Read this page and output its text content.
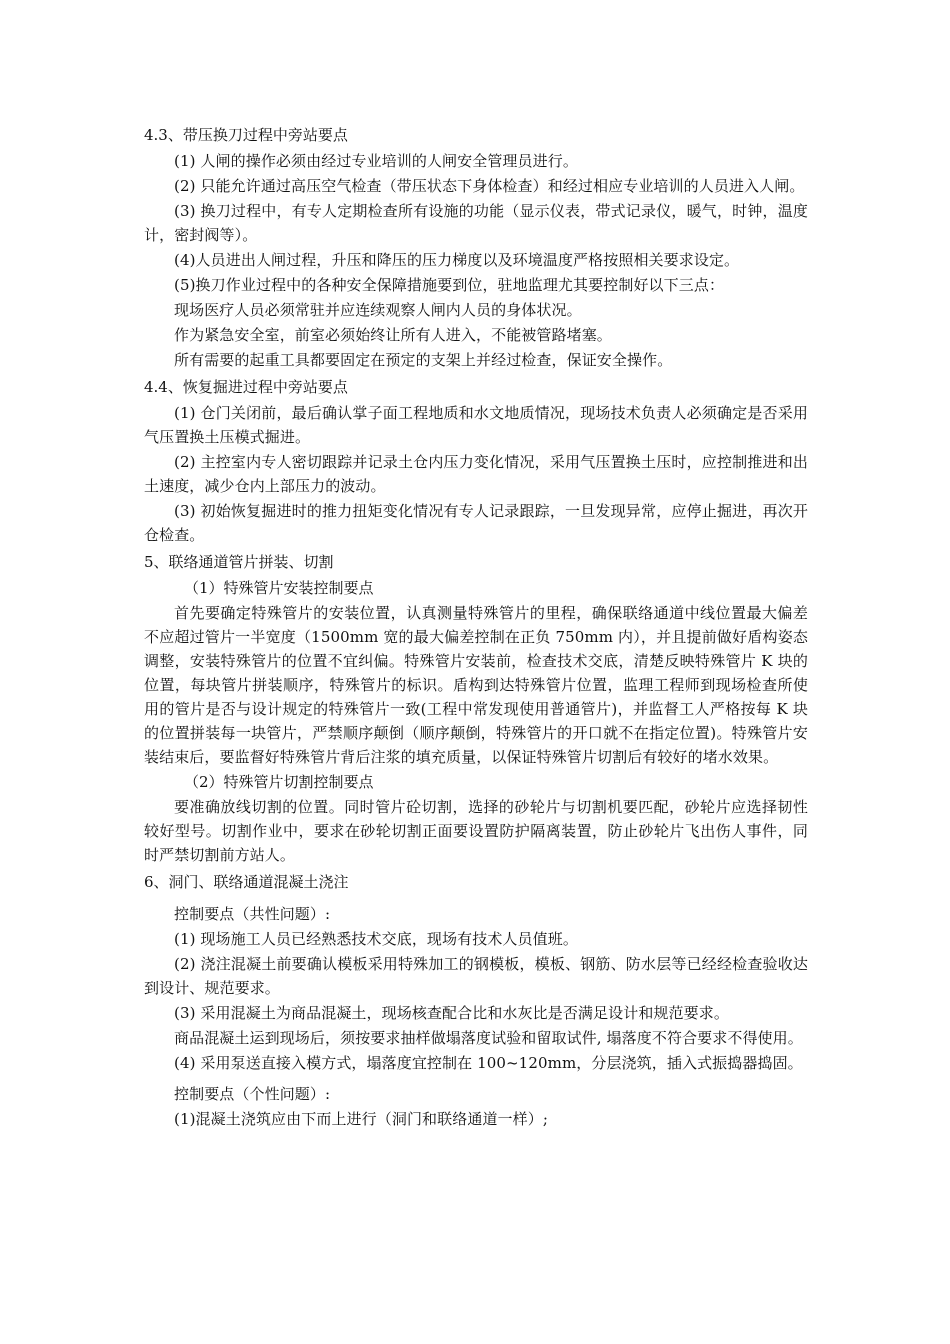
4.3、带压换刀过程中旁站要点

(1) 人闸的操作必须由经过专业培训的人闸安全管理员进行。

(2) 只能允许通过高压空气检查（带压状态下身体检查）和经过相应专业培训的人员进入人闸。

(3) 换刀过程中，有专人定期检查所有设施的功能（显示仪表，带式记录仪，暖气，时钟，温度计，密封阀等）。

(4)人员进出人闸过程，升压和降压的压力梯度以及环境温度严格按照相关要求设定。

(5)换刀作业过程中的各种安全保障措施要到位，驻地监理尤其要控制好以下三点：

现场医疗人员必须常驻并应连续观察人闸内人员的身体状况。

作为紧急安全室，前室必须始终让所有人进入，不能被管路堵塞。

所有需要的起重工具都要固定在预定的支架上并经过检查，保证安全操作。

4.4、恢复掘进过程中旁站要点

(1) 仓门关闭前，最后确认掌子面工程地质和水文地质情况，现场技术负责人必须确定是否采用气压置换土压模式掘进。

(2) 主控室内专人密切跟踪并记录土仓内压力变化情况，采用气压置换土压时，应控制推进和出土速度，减少仓内上部压力的波动。

(3) 初始恢复掘进时的推力扭矩变化情况有专人记录跟踪，一旦发现异常，应停止掘进，再次开仓检查。

5、联络通道管片拼装、切割

（1）特殊管片安装控制要点

首先要确定特殊管片的安装位置，认真测量特殊管片的里程，确保联络通道中线位置最大偏差不应超过管片一半宽度（1500mm 宽的最大偏差控制在正负 750mm 内），并且提前做好盾构姿态调整，安装特殊管片的位置不宜纠偏。特殊管片安装前，检查技术交底，清楚反映特殊管片 K 块的位置，每块管片拼装顺序，特殊管片的标识。盾构到达特殊管片位置，监理工程师到现场检查所使用的管片是否与设计规定的特殊管片一致(工程中常发现使用普通管片)，并监督工人严格按每 K 块的位置拼装每一块管片，严禁顺序颠倒（顺序颠倒，特殊管片的开口就不在指定位置)。特殊管片安装结束后，要监督好特殊管片背后注浆的填充质量，以保证特殊管片切割后有较好的堵水效果。

（2）特殊管片切割控制要点

要准确放线切割的位置。同时管片砼切割，选择的砂轮片与切割机要匹配，砂轮片应选择韧性较好型号。切割作业中，要求在砂轮切割正面要设置防护隔离装置，防止砂轮片飞出伤人事件，同时严禁切割前方站人。

6、洞门、联络通道混凝土浇注

控制要点（共性问题）:

(1) 现场施工人员已经熟悉技术交底，现场有技术人员值班。

(2) 浇注混凝土前要确认模板采用特殊加工的钢模板，模板、钢筋、防水层等已经经检查验收达到设计、规范要求。

(3) 采用混凝土为商品混凝土，现场核查配合比和水灰比是否满足设计和规范要求。

商品混凝土运到现场后，须按要求抽样做塌落度试验和留取试件, 塌落度不符合要求不得使用。

(4) 采用泵送直接入模方式，塌落度宜控制在 100~120mm，分层浇筑，插入式振捣器捣固。

控制要点（个性问题）:

(1)混凝土浇筑应由下而上进行（洞门和联络通道一样）;
